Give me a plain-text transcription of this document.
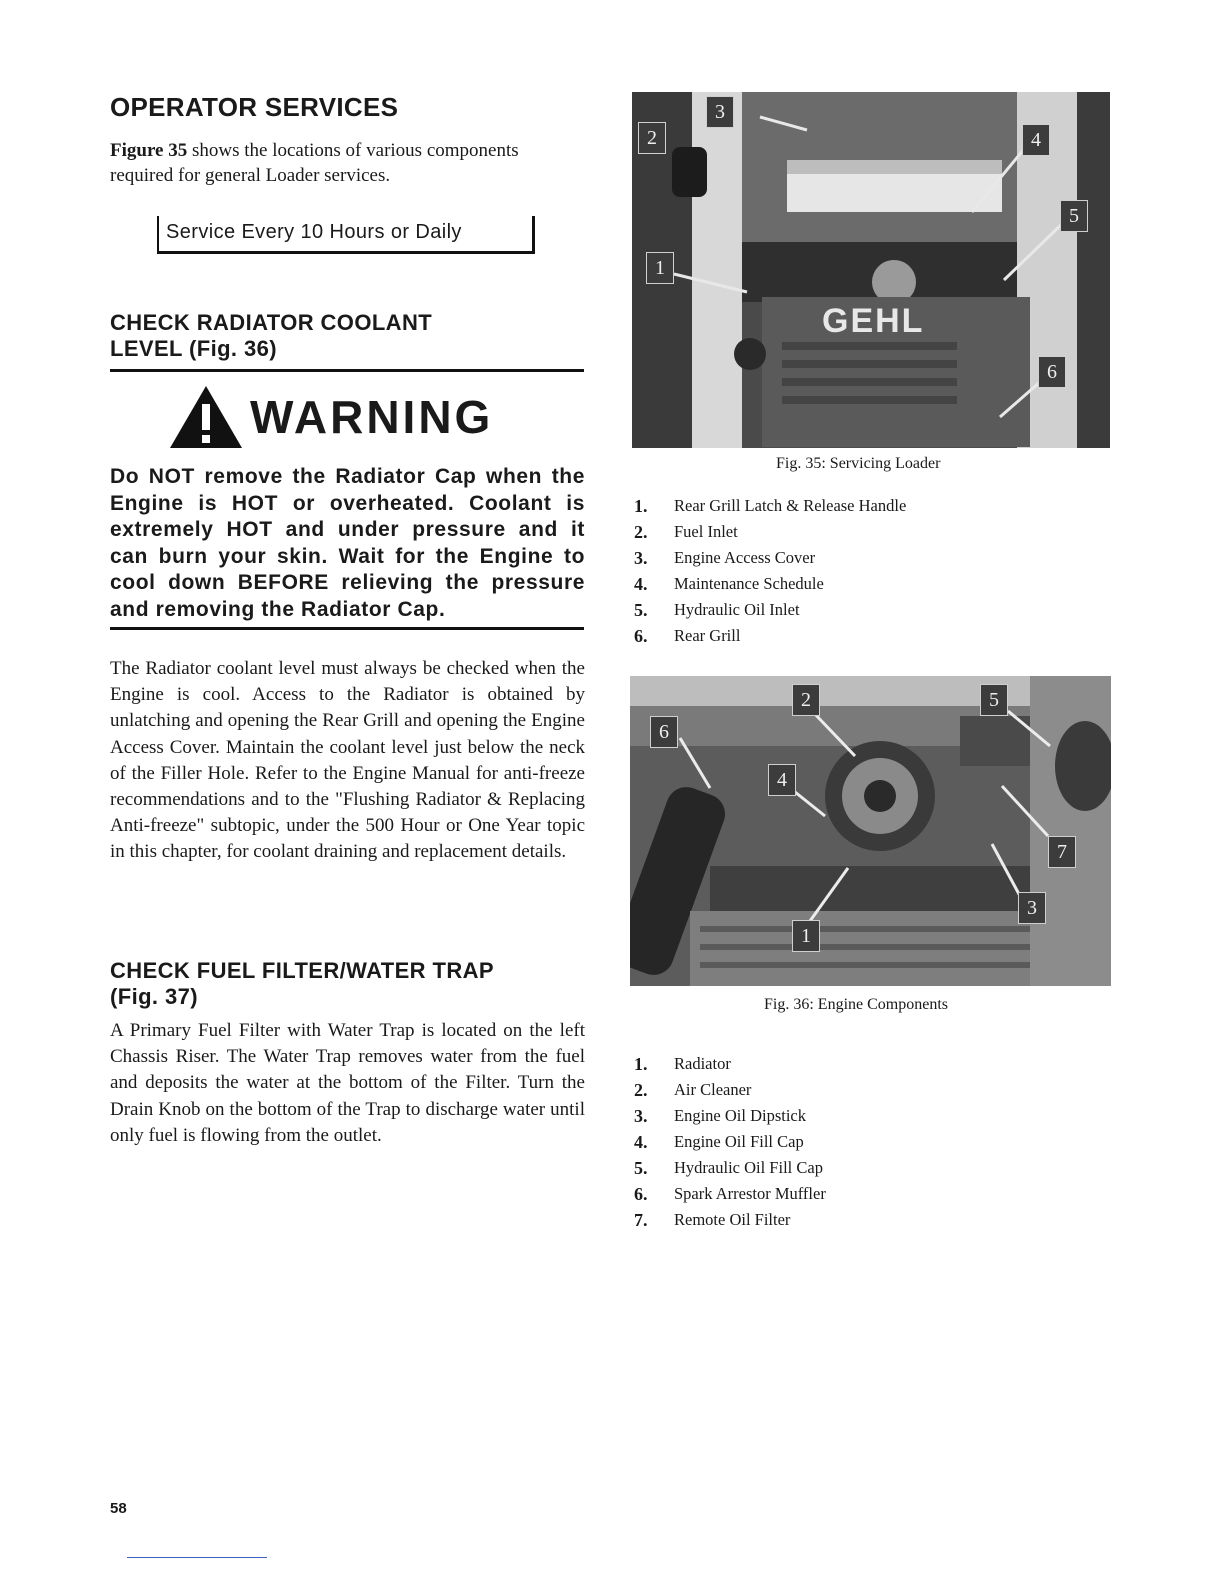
OPERATOR SERVICES
Figure 35 shows the locations of various components required for general Loader services.
Service Every 10 Hours or Daily
CHECK RADIATOR COOLANT
LEVEL (Fig. 36)
WARNING
Do NOT remove the Radiator Cap when the Engine is HOT or overheated. Coolant is extremely HOT and under pressure and it can burn your skin. Wait for the Engine to cool down BEFORE relieving the pressure and removing the Radiator Cap.
The Radiator coolant level must always be checked when the Engine is cool. Access to the Radiator is obtained by unlatching and opening the Rear Grill and opening the Engine Access Cover. Maintain the coolant level just below the neck of the Filler Hole. Refer to the Engine Manual for anti-freeze recommendations and to the "Flushing Radiator & Replacing Anti-freeze" subtopic, under the 500 Hour or One Year topic in this chapter, for coolant draining and replacement details.
CHECK FUEL FILTER/WATER TRAP
(Fig. 37)
A Primary Fuel Filter with Water Trap is located on the left Chassis Riser. The Water Trap removes water from the fuel and deposits the water at the bottom of the Filter. Turn the Drain Knob on the bottom of the Trap to discharge water until only fuel is flowing from the outlet.
58
GEHL
3
2	4
5
1
6
Fig. 35: Servicing Loader
1. Rear Grill Latch & Release Handle
2. Fuel Inlet
3. Engine Access Cover
4. Maintenance Schedule
5. Hydraulic Oil Inlet
6. Rear Grill
2	5
6
4
7
3
1
Fig. 36: Engine Components
1. Radiator
2. Air Cleaner
3. Engine Oil Dipstick
4. Engine Oil Fill Cap
5. Hydraulic Oil Fill Cap
6. Spark Arrestor Muffler
7. Remote Oil Filter
